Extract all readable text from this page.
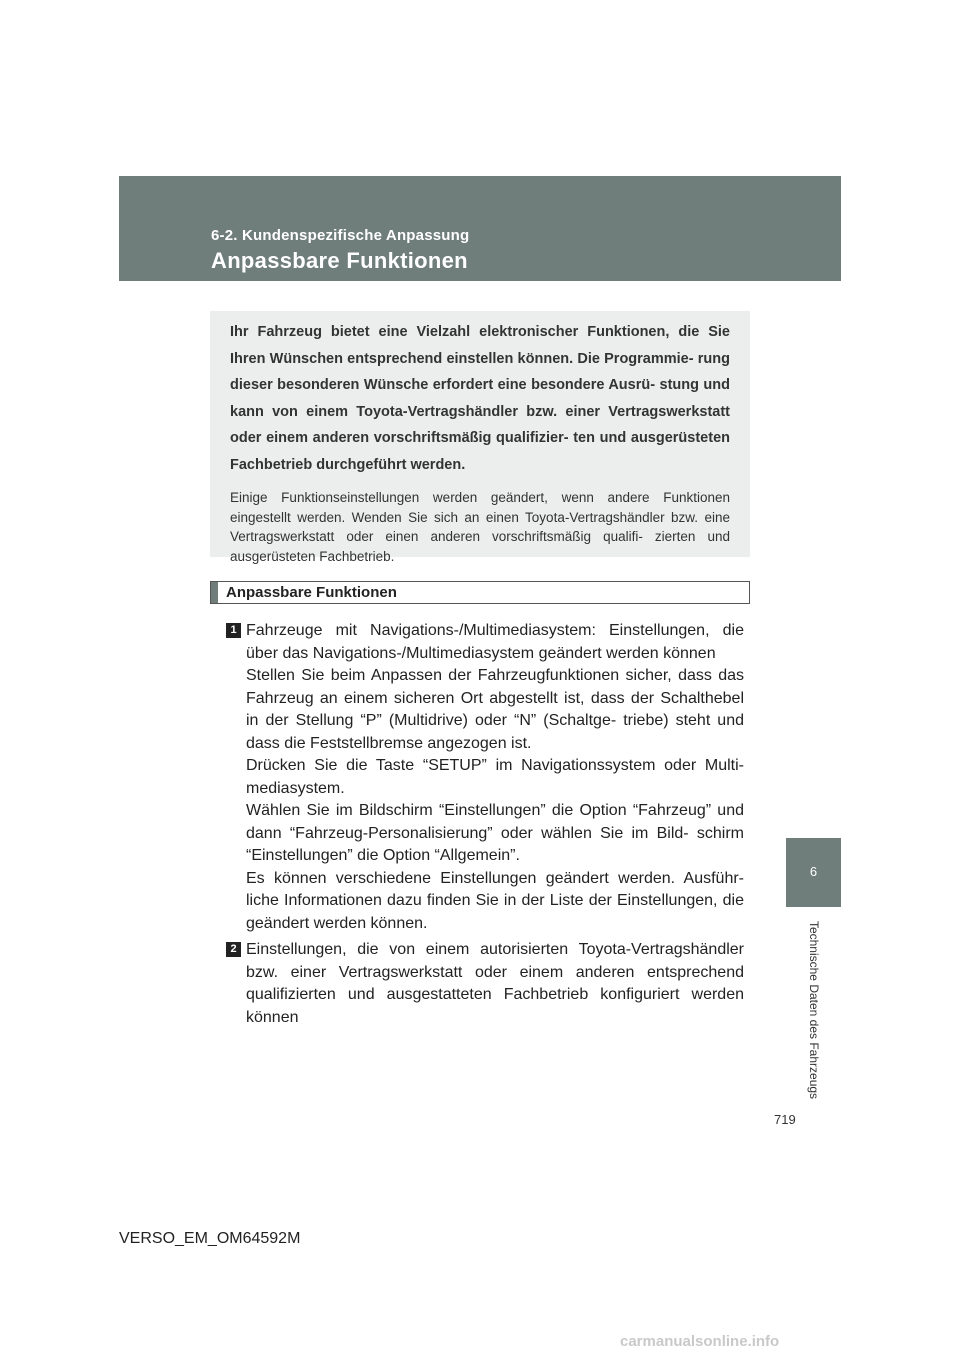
6-2. Kundenspezifische Anpassung
Anpassbare Funktionen

Ihr Fahrzeug bietet eine Vielzahl elektronischer Funktionen, die Sie Ihren Wünschen entsprechend einstellen können. Die Programmie- rung dieser besonderen Wünsche erfordert eine besondere Ausrü- stung und kann von einem Toyota-Vertragshändler bzw. einer Vertragswerkstatt oder einem anderen vorschriftsmäßig qualifizier- ten und ausgerüsteten Fachbetrieb durchgeführt werden.

Einige Funktionseinstellungen werden geändert, wenn andere Funktionen eingestellt werden. Wenden Sie sich an einen Toyota-Vertragshändler bzw. eine Vertragswerkstatt oder einen anderen vorschriftsmäßig qualifi- zierten und ausgerüsteten Fachbetrieb.

Anpassbare Funktionen
1 Fahrzeuge mit Navigations-/Multimediasystem: Einstellungen, die über das Navigations-/Multimediasystem geändert werden können

Stellen Sie beim Anpassen der Fahrzeugfunktionen sicher, dass das Fahrzeug an einem sicheren Ort abgestellt ist, dass der Schalthebel in der Stellung “P” (Multidrive) oder “N” (Schaltge- triebe) steht und dass die Feststellbremse angezogen ist.

Drücken Sie die Taste “SETUP” im Navigationssystem oder Multi- mediasystem.

Wählen Sie im Bildschirm “Einstellungen” die Option “Fahrzeug” und dann “Fahrzeug-Personalisierung” oder wählen Sie im Bild- schirm “Einstellungen” die Option “Allgemein”.

Es können verschiedene Einstellungen geändert werden. Ausführ- liche Informationen dazu finden Sie in der Liste der Einstellungen, die geändert werden können.

2 Einstellungen, die von einem autorisierten Toyota-Vertragshändler bzw. einer Vertragswerkstatt oder einem anderen entsprechend qualifizierten und ausgestatteten Fachbetrieb konfiguriert werden können

6
Technische Daten des Fahrzeugs
719
VERSO_EM_OM64592M
carmanualsonline.info
